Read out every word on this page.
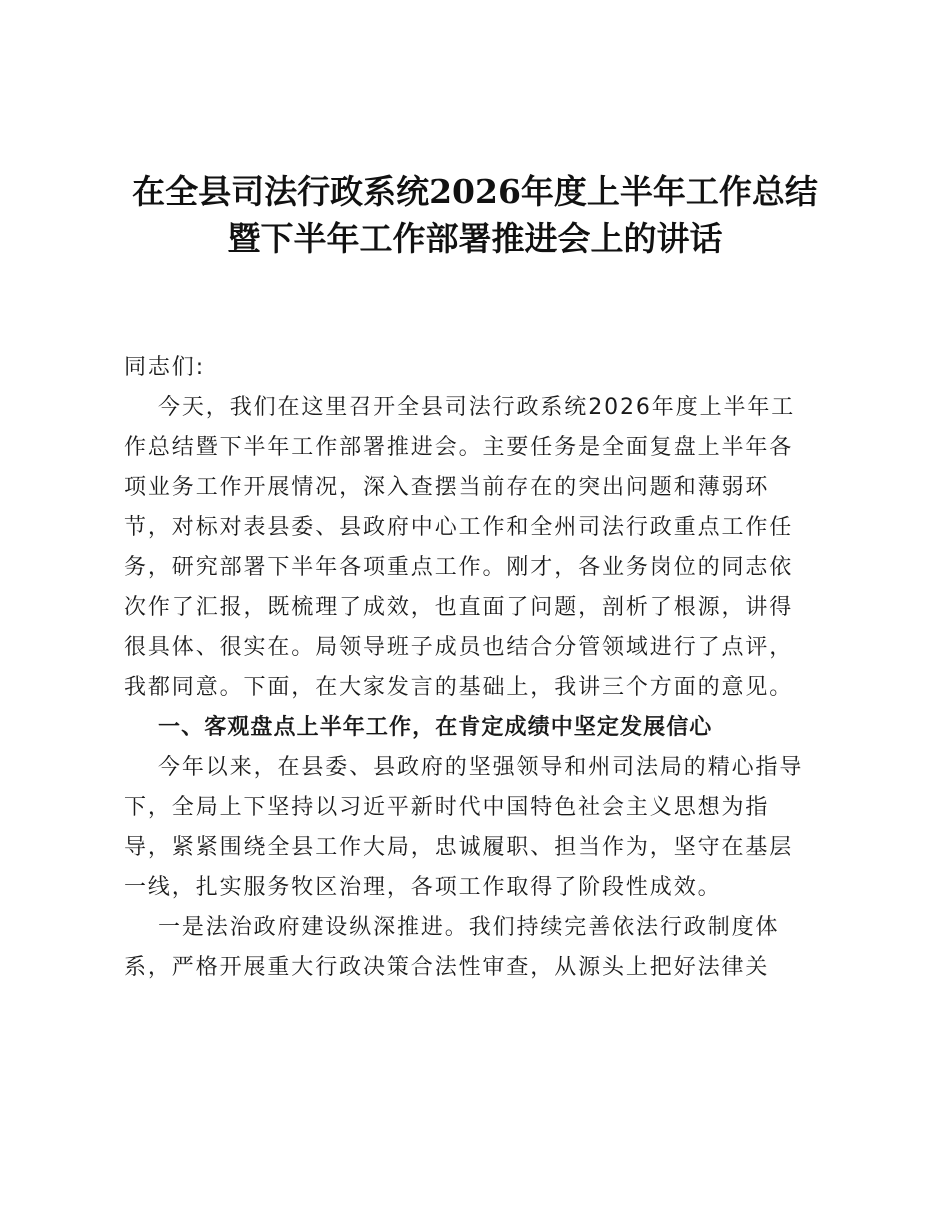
在全县司法行政系统2026年度上半年工作总结
暨下半年工作部署推进会上的讲话
同志们:
今天，我们在这里召开全县司法行政系统2026年度上半年工
作总结暨下半年工作部署推进会。主要任务是全面复盘上半年各
项业务工作开展情况，深入查摆当前存在的突出问题和薄弱环
节，对标对表县委、县政府中心工作和全州司法行政重点工作任
务，研究部署下半年各项重点工作。刚才，各业务岗位的同志依
次作了汇报，既梳理了成效，也直面了问题，剖析了根源，讲得
很具体、很实在。局领导班子成员也结合分管领域进行了点评，
我都同意。下面，在大家发言的基础上，我讲三个方面的意见。
一、客观盘点上半年工作，在肯定成绩中坚定发展信心
今年以来，在县委、县政府的坚强领导和州司法局的精心指导
下，全局上下坚持以习近平新时代中国特色社会主义思想为指
导，紧紧围绕全县工作大局，忠诚履职、担当作为，坚守在基层
一线，扎实服务牧区治理，各项工作取得了阶段性成效。
一是法治政府建设纵深推进。我们持续完善依法行政制度体
系，严格开展重大行政决策合法性审查，从源头上把好法律关
